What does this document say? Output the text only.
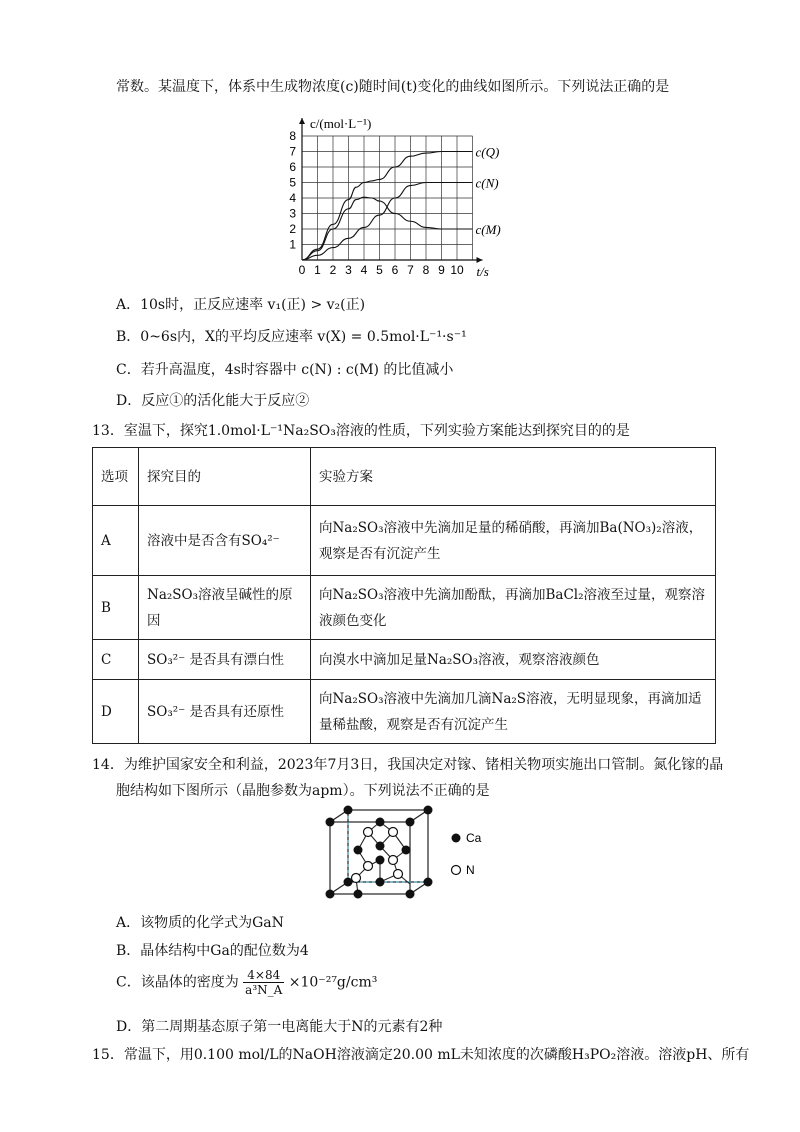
常数。某温度下，体系中生成物浓度(c)随时间(t)变化的曲线如图所示。下列说法正确的是
0 1 2 3 4 5 6 7 8 9 10
1
2
3
4
5
6
7
8
c(Q)
c(N)
c(M)
c/(mol·L⁻¹)
t/s
A．10s时，正反应速率 v₁(正) > v₂(正)
B．0~6s内，X的平均反应速率 v(X) = 0.5mol·L⁻¹·s⁻¹
C．若升高温度，4s时容器中 c(N) : c(M) 的比值减小
D．反应①的活化能大于反应②
13．室温下，探究1.0mol·L⁻¹Na₂SO₃溶液的性质，下列实验方案能达到探究目的的是
选项	探究目的	实验方案
A	溶液中是否含有SO₄²⁻	向Na₂SO₃溶液中先滴加足量的稀硝酸，再滴加Ba(NO₃)₂溶液，观察是否有沉淀产生
B	Na₂SO₃溶液呈碱性的原因	向Na₂SO₃溶液中先滴加酚酞，再滴加BaCl₂溶液至过量，观察溶液颜色变化
C	SO₃²⁻ 是否具有漂白性	向溴水中滴加足量Na₂SO₃溶液，观察溶液颜色
D	SO₃²⁻ 是否具有还原性	向Na₂SO₃溶液中先滴加几滴Na₂S溶液，无明显现象，再滴加适量稀盐酸，观察是否有沉淀产生
14．为维护国家安全和利益，2023年7月3日，我国决定对镓、锗相关物项实施出口管制。氮化镓的晶
胞结构如下图所示（晶胞参数为apm）。下列说法不正确的是
Ca
N
A．该物质的化学式为GaN
B．晶体结构中Ga的配位数为4
C．该晶体的密度为 $\frac{4\times 84}{\text{a³N\_A}} \times 10^{-27}g/cm^3$
D．第二周期基态原子第一电离能大于N的元素有2种
15．常温下，用0.100 mol/L的NaOH溶液滴定20.00 mL未知浓度的次磷酸H₃PO₂溶液。溶液pH、所有
